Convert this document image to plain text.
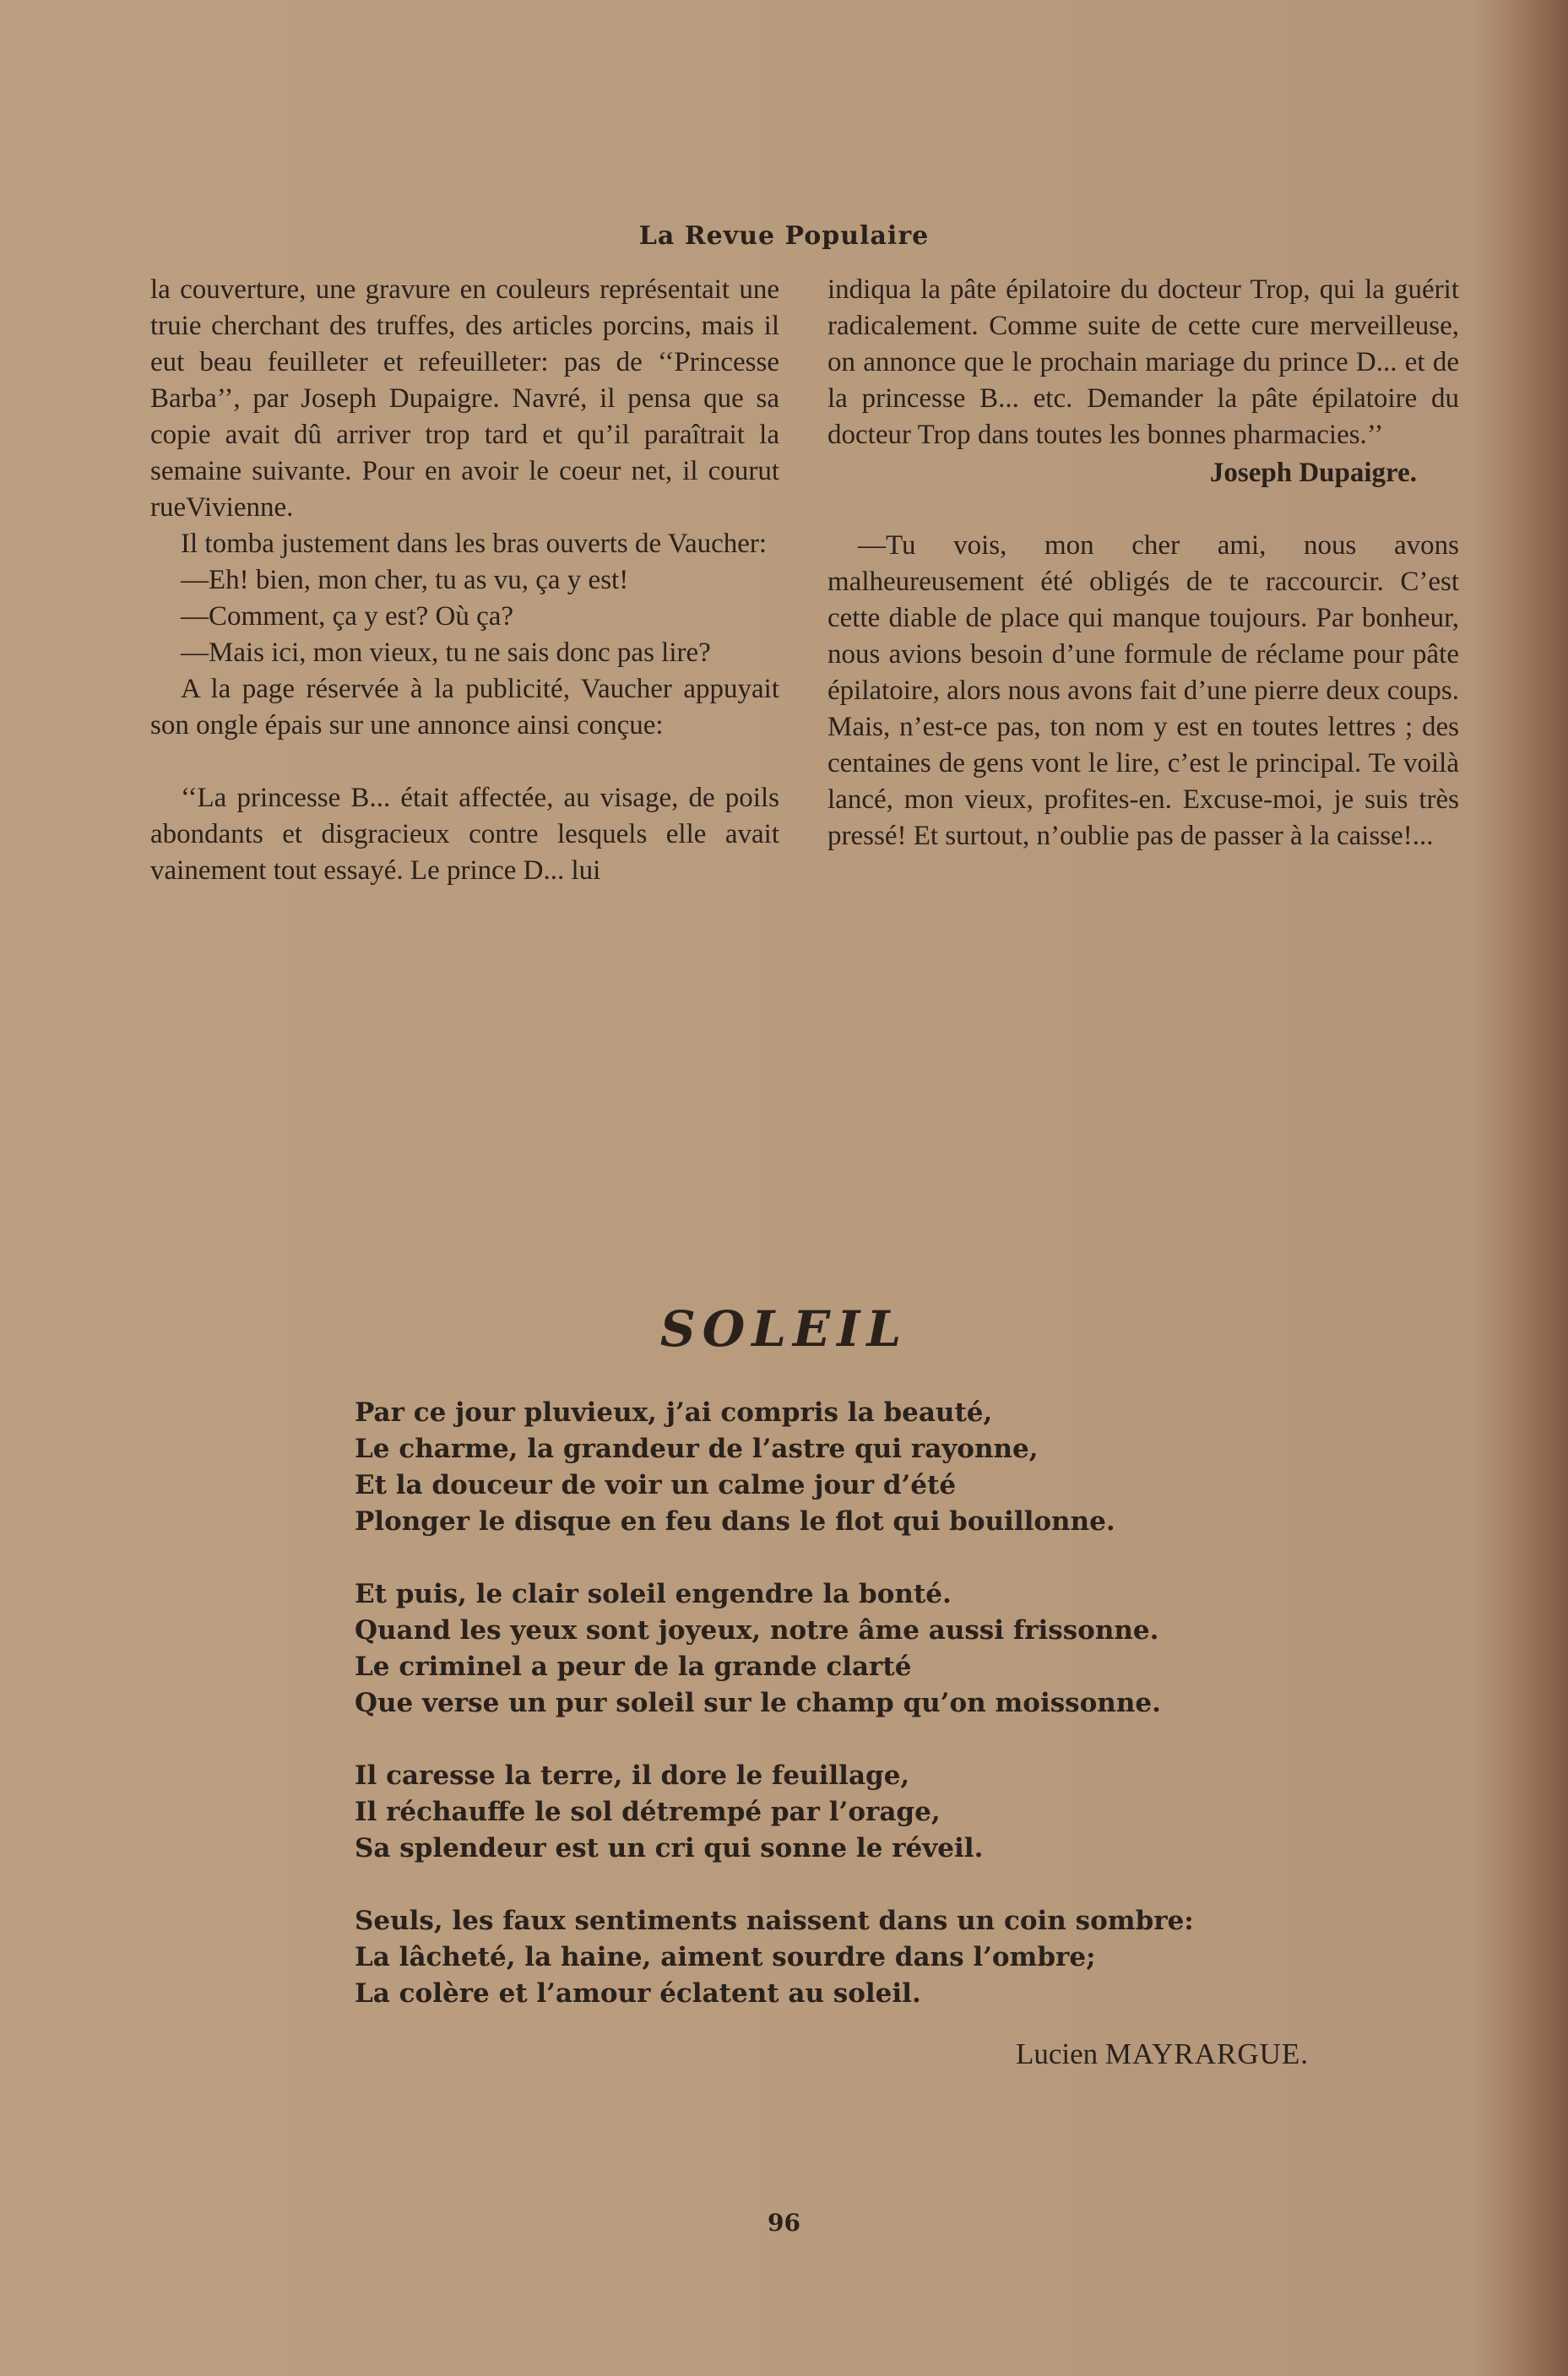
La Revue Populaire

la couverture, une gravure en couleurs représentait une truie cherchant des truffes, des articles porcins, mais il eut beau feuilleter et refeuilleter: pas de ‘‘Princesse Barba’’, par Joseph Dupaigre. Navré, il pensa que sa copie avait dû arriver trop tard et qu’il paraîtrait la semaine suivante. Pour en avoir le coeur net, il courut rueVivienne.

Il tomba justement dans les bras ouverts de Vaucher:

—Eh! bien, mon cher, tu as vu, ça y est!

—Comment, ça y est? Où ça?

—Mais ici, mon vieux, tu ne sais donc pas lire?

A la page réservée à la publicité, Vaucher appuyait son ongle épais sur une annonce ainsi conçue:

‘‘La princesse B... était affectée, au visage, de poils abondants et disgracieux contre lesquels elle avait vainement tout essayé. Le prince D... lui

indiqua la pâte épilatoire du docteur Trop, qui la guérit radicalement. Comme suite de cette cure merveilleuse, on annonce que le prochain mariage du prince D... et de la princesse B... etc. Demander la pâte épilatoire du docteur Trop dans toutes les bonnes pharmacies.’’

Joseph Dupaigre.

—Tu vois, mon cher ami, nous avons malheureusement été obligés de te raccourcir. C’est cette diable de place qui manque toujours. Par bonheur, nous avions besoin d’une formule de réclame pour pâte épilatoire, alors nous avons fait d’une pierre deux coups. Mais, n’est-ce pas, ton nom y est en toutes lettres ; des centaines de gens vont le lire, c’est le principal. Te voilà lancé, mon vieux, profites-en. Excuse-moi, je suis très pressé! Et surtout, n’oublie pas de passer à la caisse!...

SOLEIL
Par ce jour pluvieux, j’ai compris la beauté,
Le charme, la grandeur de l’astre qui rayonne,
Et la douceur de voir un calme jour d’été
Plonger le disque en feu dans le flot qui bouillonne.
Et puis, le clair soleil engendre la bonté.
Quand les yeux sont joyeux, notre âme aussi frissonne.
Le criminel a peur de la grande clarté
Que verse un pur soleil sur le champ qu’on moissonne.
Il caresse la terre, il dore le feuillage,
Il réchauffe le sol détrempé par l’orage,
Sa splendeur est un cri qui sonne le réveil.
Seuls, les faux sentiments naissent dans un coin sombre:
La lâcheté, la haine, aiment sourdre dans l’ombre;
La colère et l’amour éclatent au soleil.
Lucien MAYRARGUE.
96
